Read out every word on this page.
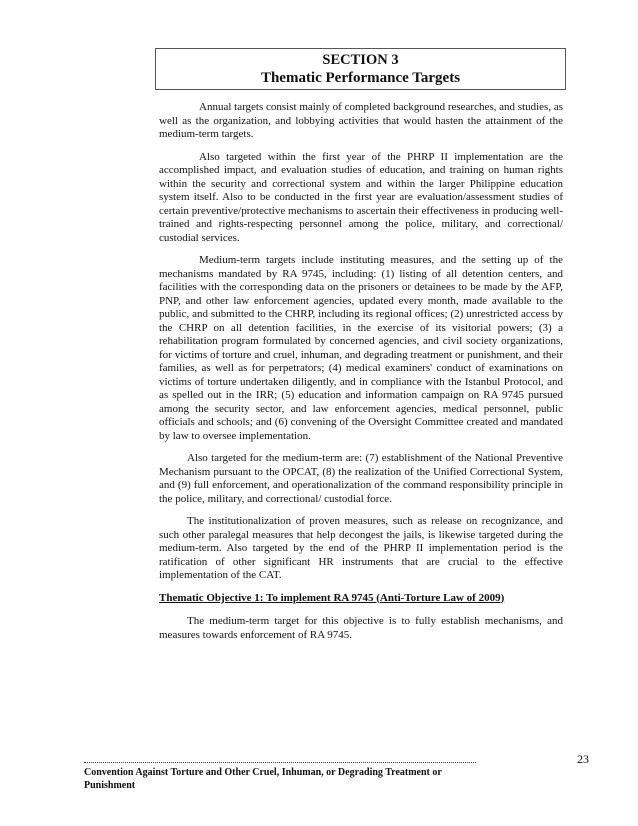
SECTION 3
Thematic Performance Targets

Annual targets consist mainly of completed background researches, and studies, as well as the organization, and lobbying activities that would hasten the attainment of the medium-term targets.

Also targeted within the first year of the PHRP II implementation are the accomplished impact, and evaluation studies of education, and training on human rights within the security and correctional system and within the larger Philippine education system itself. Also to be conducted in the first year are evaluation/assessment studies of certain preventive/protective mechanisms to ascertain their effectiveness in producing well-trained and rights-respecting personnel among the police, military, and correctional/ custodial services.

Medium-term targets include instituting measures, and the setting up of the mechanisms mandated by RA 9745, including: (1) listing of all detention centers, and facilities with the corresponding data on the prisoners or detainees to be made by the AFP, PNP, and other law enforcement agencies, updated every month, made available to the public, and submitted to the CHRP, including its regional offices; (2) unrestricted access by the CHRP on all detention facilities, in the exercise of its visitorial powers; (3) a rehabilitation program formulated by concerned agencies, and civil society organizations, for victims of torture and cruel, inhuman, and degrading treatment or punishment, and their families, as well as for perpetrators; (4) medical examiners' conduct of examinations on victims of torture undertaken diligently, and in compliance with the Istanbul Protocol, and as spelled out in the IRR; (5) education and information campaign on RA 9745 pursued among the security sector, and law enforcement agencies, medical personnel, public officials and schools; and (6) convening of the Oversight Committee created and mandated by law to oversee implementation.

Also targeted for the medium-term are: (7) establishment of the National Preventive Mechanism pursuant to the OPCAT, (8) the realization of the Unified Correctional System, and (9) full enforcement, and operationalization of the command responsibility principle in the police, military, and correctional/ custodial force.

The institutionalization of proven measures, such as release on recognizance, and such other paralegal measures that help decongest the jails, is likewise targeted during the medium-term. Also targeted by the end of the PHRP II implementation period is the ratification of other significant HR instruments that are crucial to the effective implementation of the CAT.

Thematic Objective 1: To implement RA 9745 (Anti-Torture Law of 2009)

The medium-term target for this objective is to fully establish mechanisms, and measures towards enforcement of RA 9745.

Convention Against Torture and Other Cruel, Inhuman, or Degrading Treatment or Punishment
23
